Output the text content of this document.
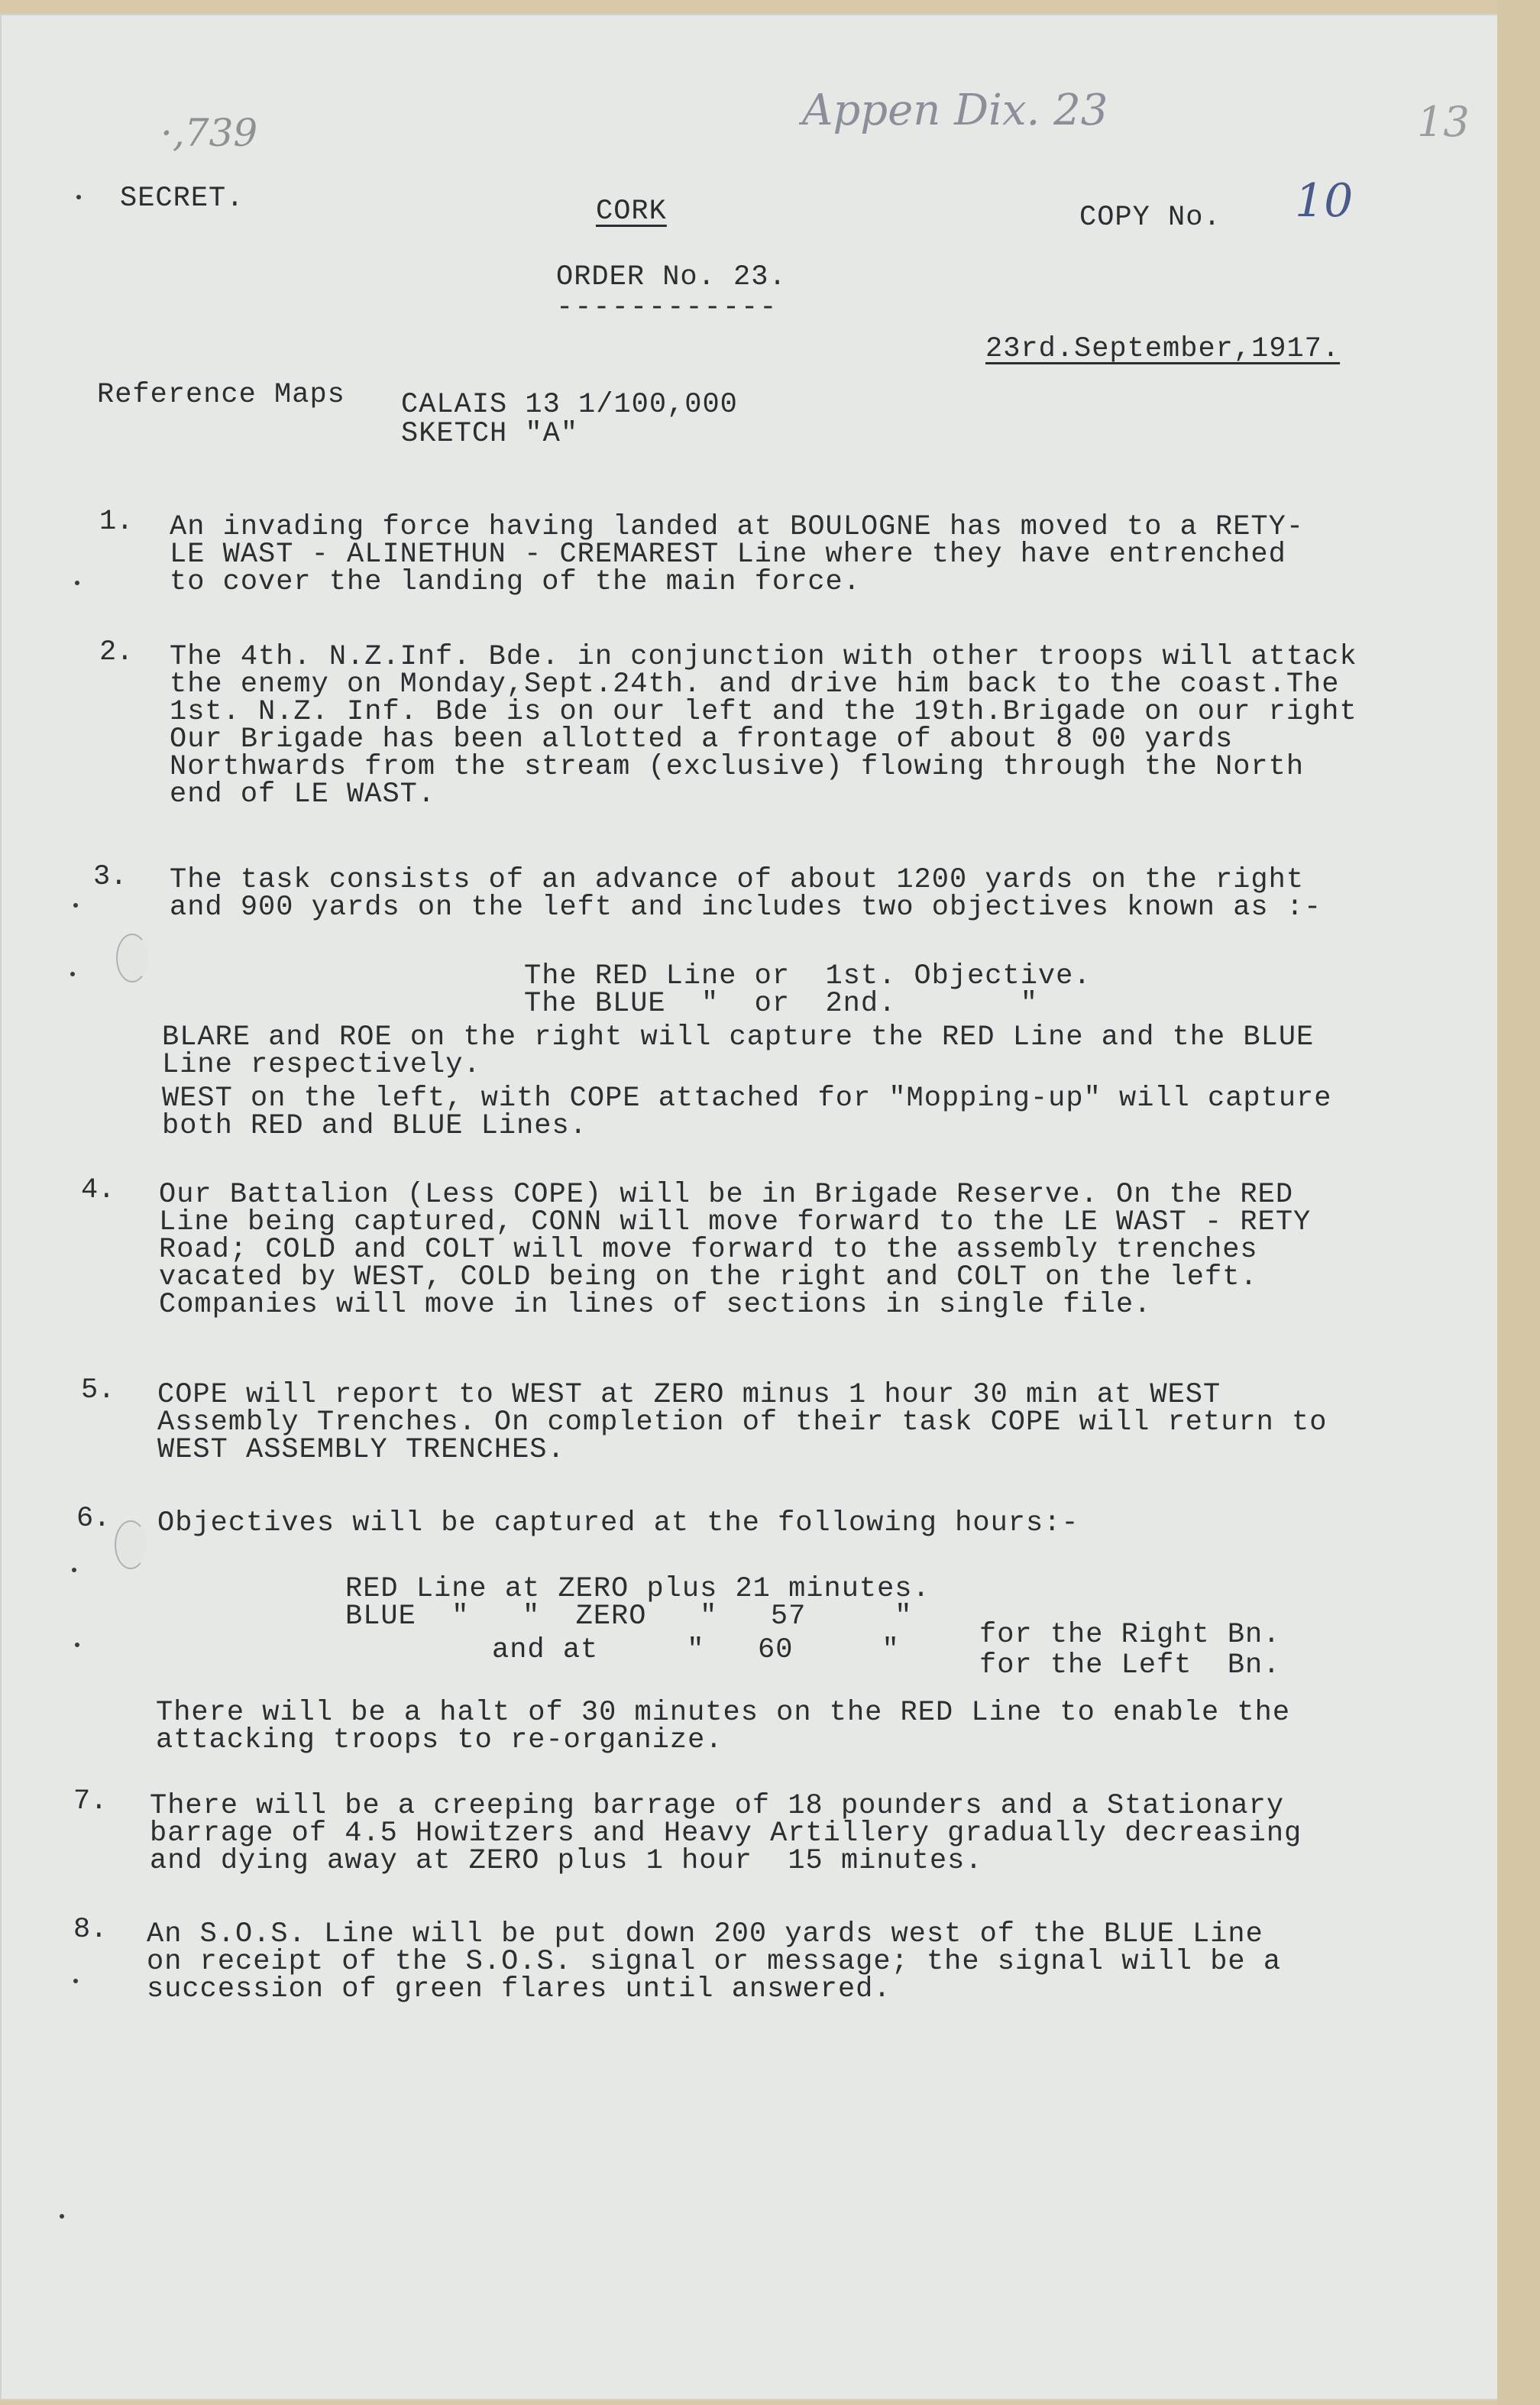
·,739	Appen Dix. 23	13
SECRET.	CORK	COPY No. 10
ORDER No. 23.
------------
23rd.September,1917.
Reference Maps CALAIS 13 1/100,000
SKETCH "A"
1. An invading force having landed at BOULOGNE has moved to a RETY-
LE WAST - ALINETHUN - CREMAREST Line where they have entrenched
to cover the landing of the main force.
2. The 4th. N.Z.Inf. Bde. in conjunction with other troops will attack
the enemy on Monday,Sept.24th. and drive him back to the coast.The
1st. N.Z. Inf. Bde is on our left and the 19th.Brigade on our right
Our Brigade has been allotted a frontage of about 8 00 yards
Northwards from the stream (exclusive) flowing through the North
end of LE WAST.
3. The task consists of an advance of about 1200 yards on the right
and 900 yards on the left and includes two objectives known as :-
The RED Line or  1st. Objective.
The BLUE  "  or  2nd.       "
BLARE and ROE on the right will capture the RED Line and the BLUE
Line respectively.
WEST on the left, with COPE attached for "Mopping-up" will capture
both RED and BLUE Lines.
4. Our Battalion (Less COPE) will be in Brigade Reserve. On the RED
Line being captured, CONN will move forward to the LE WAST - RETY
Road; COLD and COLT will move forward to the assembly trenches
vacated by WEST, COLD being on the right and COLT on the left.
Companies will move in lines of sections in single file.
5. COPE will report to WEST at ZERO minus 1 hour 30 min at WEST
Assembly Trenches. On completion of their task COPE will return to
WEST ASSEMBLY TRENCHES.
6. Objectives will be captured at the following hours:-
RED Line at ZERO plus 21 minutes.
BLUE  "   "  ZERO   "   57     "
for the Right Bn.
and at     "   60     "	for the Left  Bn.
There will be a halt of 30 minutes on the RED Line to enable the
attacking troops to re-organize.
7. There will be a creeping barrage of 18 pounders and a Stationary
barrage of 4.5 Howitzers and Heavy Artillery gradually decreasing
and dying away at ZERO plus 1 hour  15 minutes.
8. An S.O.S. Line will be put down 200 yards west of the BLUE Line
on receipt of the S.O.S. signal or message; the signal will be a
succession of green flares until answered.
